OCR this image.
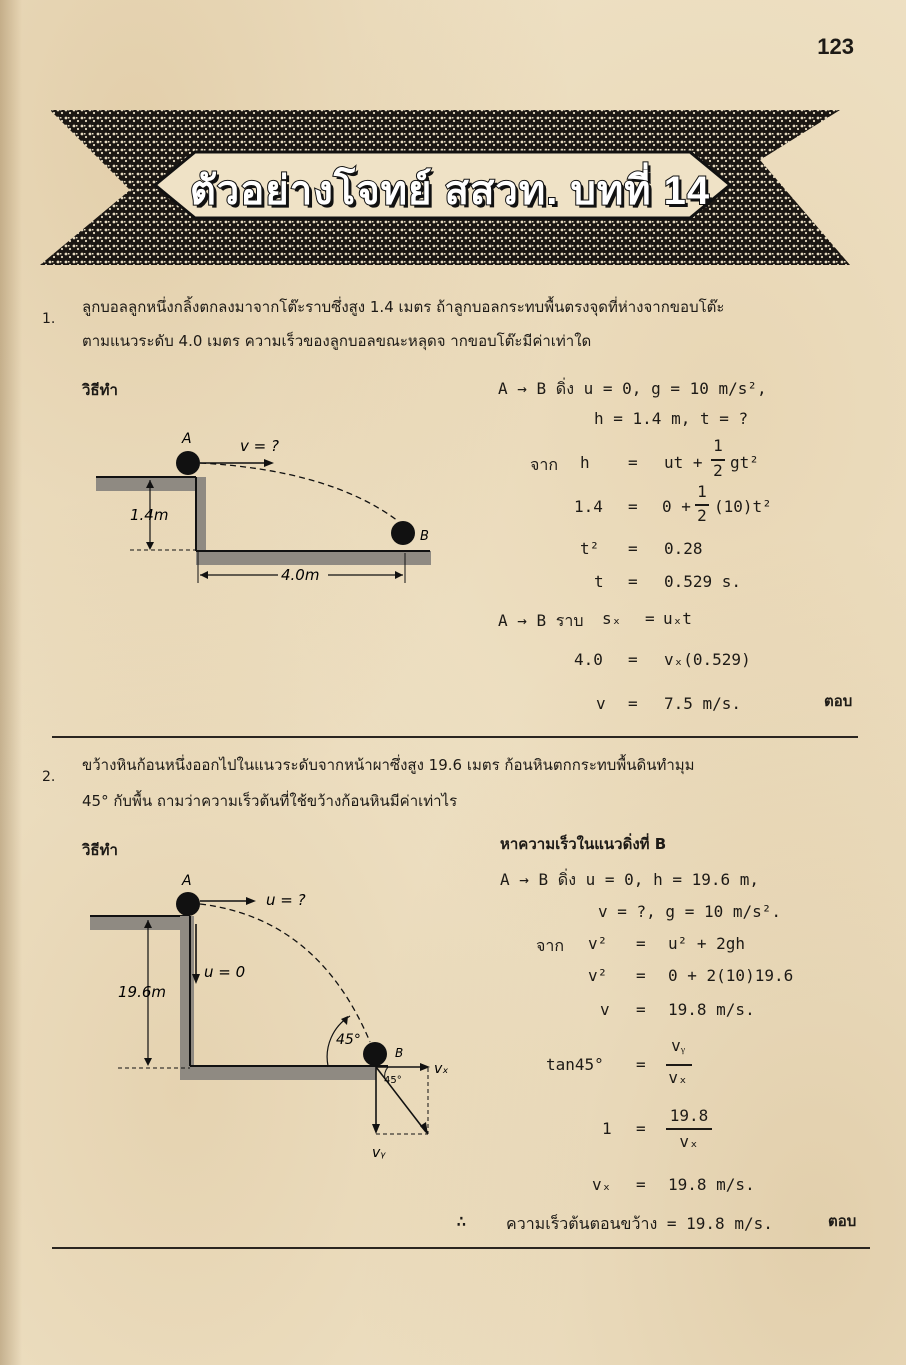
123
ตัวอย่างโจทย์ สสวท. บทที่ 14
1.
ลูกบอลลูกหนึ่งกลิ้งตกลงมาจากโต๊ะราบซึ่งสูง 1.4 เมตร ถ้าลูกบอลกระทบพื้นตรงจุดที่ห่างจากขอบโต๊ะ
ตามแนวระดับ 4.0 เมตร ความเร็วของลูกบอลขณะหลุดจ ากขอบโต๊ะมีค่าเท่าใด
วิธีทำ
A	v = ?
B
1.4m
4.0m
A → B ดิ่ง u = 0, g = 10 m/s²,
h = 1.4 m, t = ?
จาก h = ut +
1
2 gt²
1.4 = 0 +
1
2 (10)t²
t² = 0.28
t = 0.529 s.
A → B ราบ sₓ = uₓt
4.0 = vₓ(0.529)
v = 7.5 m/s.	ตอบ
2.
ขว้างหินก้อนหนึ่งออกไปในแนวระดับจากหน้าผาซึ่งสูง 19.6 เมตร ก้อนหินตกกระทบพื้นดินทำมุม
45° กับพื้น ถามว่าความเร็วต้นที่ใช้ขว้างก้อนหินมีค่าเท่าไร
วิธีทำ
A
u = ?
u = 0
19.6m
45°
B
45°
vₓ
vᵧ
หาความเร็วในแนวดิ่งที่ B
A → B ดิ่ง u = 0, h = 19.6 m,
v = ?, g = 10 m/s².
จาก v² = u² + 2gh
v² = 0 + 2(10)19.6
v = 19.8 m/s.
tan45° =
vᵧ
vₓ
1 =
19.8
vₓ
vₓ = 19.8 m/s.
∴ ความเร็วต้นตอนขว้าง = 19.8 m/s.	ตอบ
